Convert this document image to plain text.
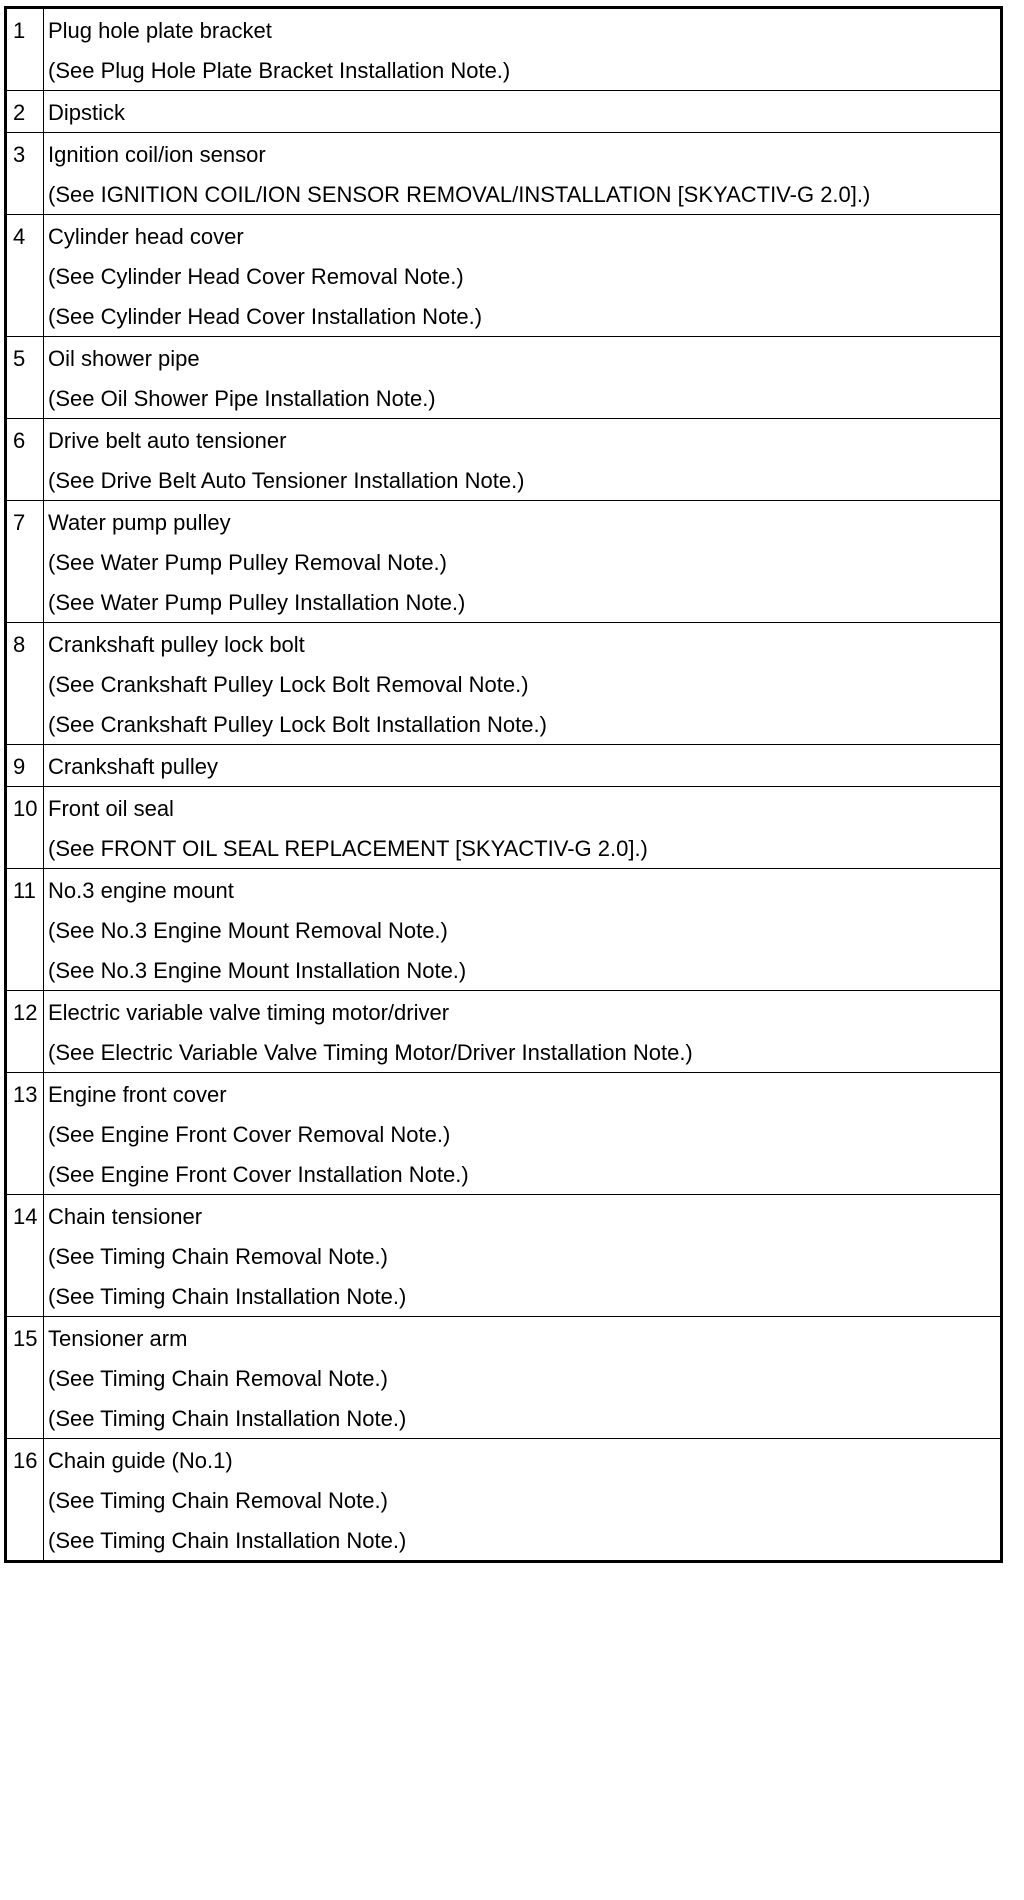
1	Plug hole plate bracket
(See Plug Hole Plate Bracket Installation Note.)

2	Dipstick

3	Ignition coil/ion sensor
(See IGNITION COIL/ION SENSOR REMOVAL/INSTALLATION [SKYACTIV-G 2.0].)

4	Cylinder head cover
(See Cylinder Head Cover Removal Note.)
(See Cylinder Head Cover Installation Note.)

5	Oil shower pipe
(See Oil Shower Pipe Installation Note.)

6	Drive belt auto tensioner
(See Drive Belt Auto Tensioner Installation Note.)

7	Water pump pulley
(See Water Pump Pulley Removal Note.)
(See Water Pump Pulley Installation Note.)

8	Crankshaft pulley lock bolt
(See Crankshaft Pulley Lock Bolt Removal Note.)
(See Crankshaft Pulley Lock Bolt Installation Note.)

9	Crankshaft pulley

10	Front oil seal
(See FRONT OIL SEAL REPLACEMENT [SKYACTIV-G 2.0].)

11	No.3 engine mount
(See No.3 Engine Mount Removal Note.)
(See No.3 Engine Mount Installation Note.)

12	Electric variable valve timing motor/driver
(See Electric Variable Valve Timing Motor/Driver Installation Note.)

13	Engine front cover
(See Engine Front Cover Removal Note.)
(See Engine Front Cover Installation Note.)

14	Chain tensioner
(See Timing Chain Removal Note.)
(See Timing Chain Installation Note.)

15	Tensioner arm
(See Timing Chain Removal Note.)
(See Timing Chain Installation Note.)

16	Chain guide (No.1)
(See Timing Chain Removal Note.)
(See Timing Chain Installation Note.)
